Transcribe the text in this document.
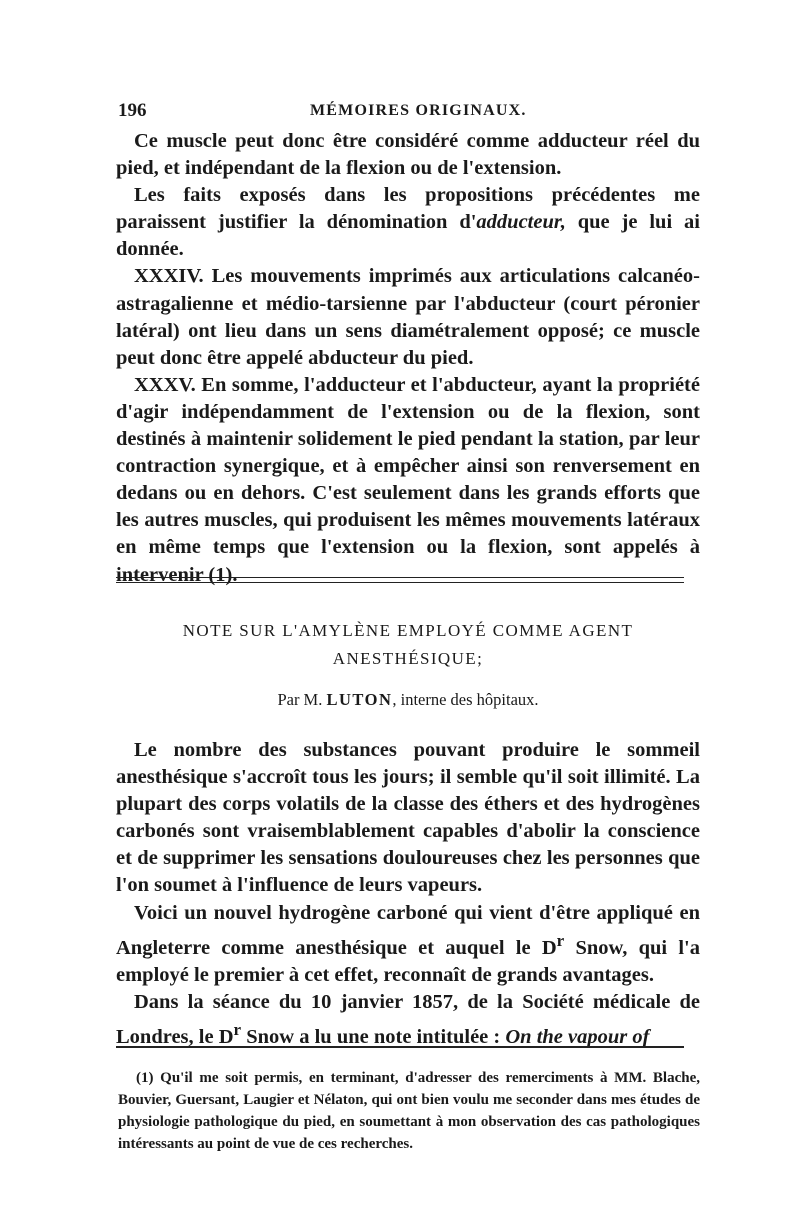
196	MÉMOIRES ORIGINAUX.

Ce muscle peut donc être considéré comme adducteur réel du pied, et indépendant de la flexion ou de l'extension.

Les faits exposés dans les propositions précédentes me paraissent justifier la dénomination d'adducteur, que je lui ai donnée.

XXXIV. Les mouvements imprimés aux articulations calcanéo-astragalienne et médio-tarsienne par l'abducteur (court péronier latéral) ont lieu dans un sens diamétralement opposé; ce muscle peut donc être appelé abducteur du pied.

XXXV. En somme, l'adducteur et l'abducteur, ayant la propriété d'agir indépendamment de l'extension ou de la flexion, sont destinés à maintenir solidement le pied pendant la station, par leur contraction synergique, et à empêcher ainsi son renversement en dedans ou en dehors. C'est seulement dans les grands efforts que les autres muscles, qui produisent les mêmes mouvements latéraux en même temps que l'extension ou la flexion, sont appelés à intervenir (1).

NOTE SUR L'AMYLÈNE EMPLOYÉ COMME AGENT
ANESTHÉSIQUE;
Par M. LUTON, interne des hôpitaux.

Le nombre des substances pouvant produire le sommeil anesthésique s'accroît tous les jours; il semble qu'il soit illimité. La plupart des corps volatils de la classe des éthers et des hydrogènes carbonés sont vraisemblablement capables d'abolir la conscience et de supprimer les sensations douloureuses chez les personnes que l'on soumet à l'influence de leurs vapeurs.

Voici un nouvel hydrogène carboné qui vient d'être appliqué en Angleterre comme anesthésique et auquel le $D^r$ Snow, qui l'a employé le premier à cet effet, reconnaît de grands avantages.

Dans la séance du 10 janvier 1857, de la Société médicale de Londres, le $D^r$ Snow a lu une note intitulée : On the vapour of

(1) Qu'il me soit permis, en terminant, d'adresser des remerciments à MM. Blache, Bouvier, Guersant, Laugier et Nélaton, qui ont bien voulu me seconder dans mes études de physiologie pathologique du pied, en soumettant à mon observation des cas pathologiques intéressants au point de vue de ces recherches.
